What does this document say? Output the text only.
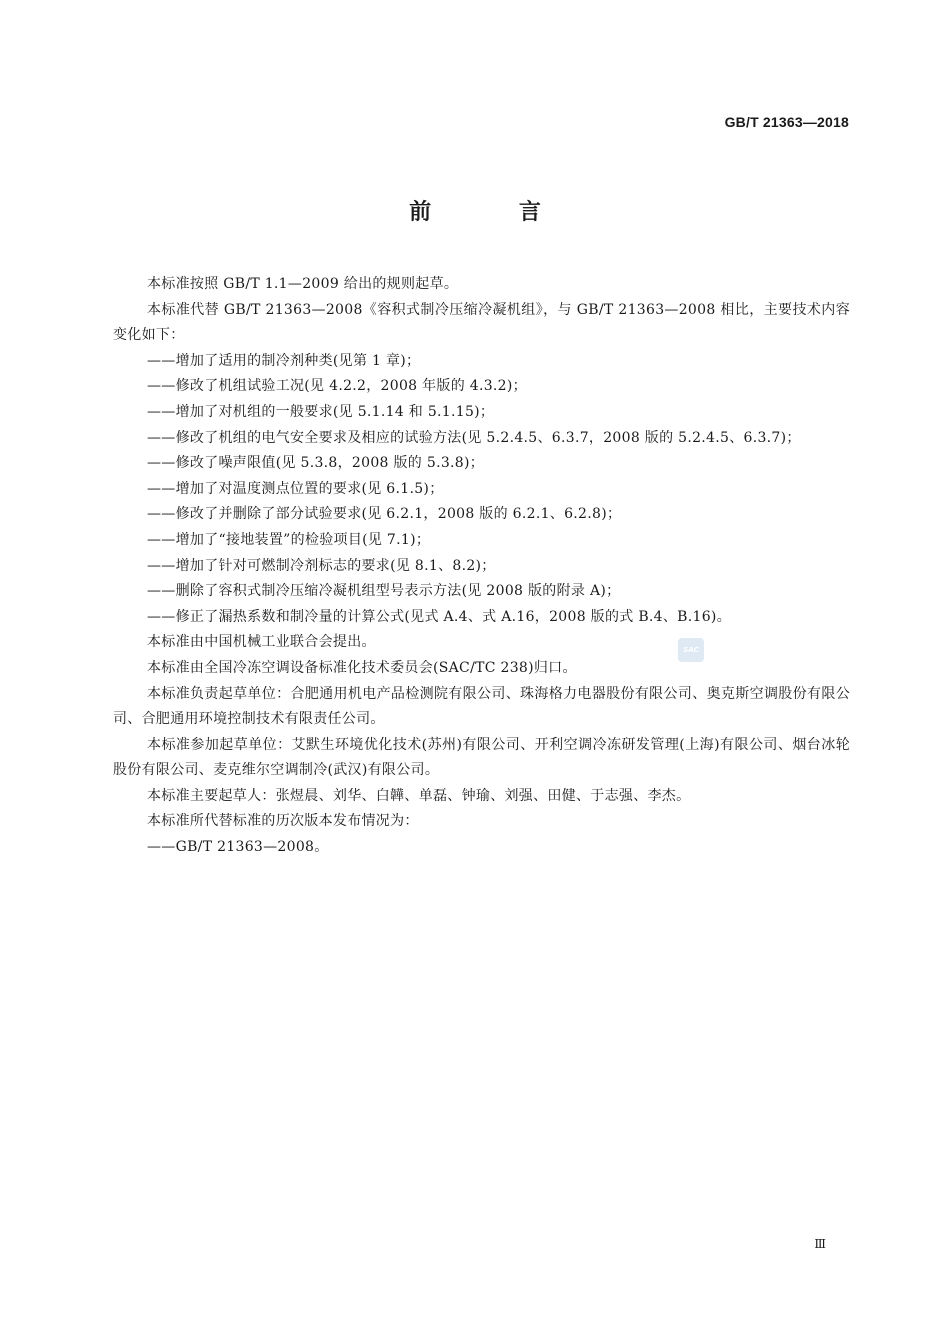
GB/T 21363—2018
前 言

本标准按照 GB/T 1.1—2009 给出的规则起草。

本标准代替 GB/T 21363—2008《容积式制冷压缩冷凝机组》，与 GB/T 21363—2008 相比，主要技术内容变化如下：

——增加了适用的制冷剂种类(见第 1 章)；

——修改了机组试验工况(见 4.2.2，2008 年版的 4.3.2)；

——增加了对机组的一般要求(见 5.1.14 和 5.1.15)；

——修改了机组的电气安全要求及相应的试验方法(见 5.2.4.5、6.3.7，2008 版的 5.2.4.5、6.3.7)；

——修改了噪声限值(见 5.3.8，2008 版的 5.3.8)；

——增加了对温度测点位置的要求(见 6.1.5)；

——修改了并删除了部分试验要求(见 6.2.1，2008 版的 6.2.1、6.2.8)；

——增加了“接地装置”的检验项目(见 7.1)；

——增加了针对可燃制冷剂标志的要求(见 8.1、8.2)；

——删除了容积式制冷压缩冷凝机组型号表示方法(见 2008 版的附录 A)；

——修正了漏热系数和制冷量的计算公式(见式 A.4、式 A.16，2008 版的式 B.4、B.16)。

本标准由中国机械工业联合会提出。

本标准由全国冷冻空调设备标准化技术委员会(SAC/TC 238)归口。

本标准负责起草单位：合肥通用机电产品检测院有限公司、珠海格力电器股份有限公司、奥克斯空调股份有限公司、合肥通用环境控制技术有限责任公司。

本标准参加起草单位：艾默生环境优化技术(苏州)有限公司、开利空调冷冻研发管理(上海)有限公司、烟台冰轮股份有限公司、麦克维尔空调制冷(武汉)有限公司。

本标准主要起草人：张煜晨、刘华、白韡、单磊、钟瑜、刘强、田健、于志强、李杰。

本标准所代替标准的历次版本发布情况为：

——GB/T 21363—2008。

SAC
Ⅲ
